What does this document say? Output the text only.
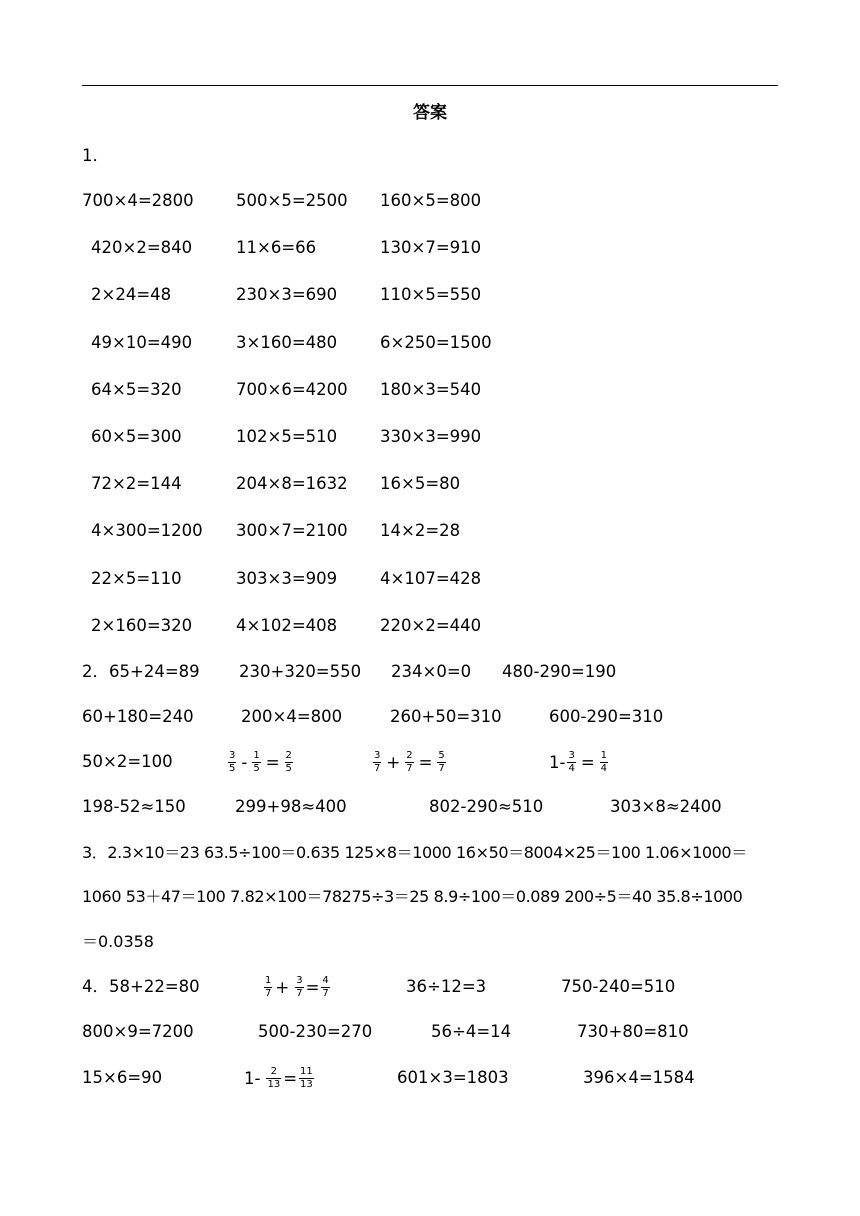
答案
1．
700×4=2800	500×5=2500 160×5=800
420×2=840	11×6=66	130×7=910
2×24=48	230×3=690	110×5=550
49×10=490	3×160=480	6×250=1500
64×5=320	700×6=4200 180×3=540
60×5=300	102×5=510	330×3=990
72×2=144	204×8=1632 16×5=80
4×300=1200 300×7=2100 14×2=28
22×5=110	303×3=909	4×107=428
2×160=320	4×102=408	220×2=440
2．65+24=89 230+320=550 234×0=0 480-290=190
60+180=240	200×4=800	260+50=310	600-290=310
50×2=100	$\frac{3}{5} - \frac{1}{5} = \frac{2}{5}$	$\frac{3}{7} + \frac{2}{7} = \frac{5}{7}$	$1- \frac{3}{4} = \frac{1}{4}$
198-52≈150	299+98≈400	802-290≈510	303×8≈2400
3．2.3×10＝23 63.5÷100＝0.635 125×8＝1000 16×50＝8004×25＝100 1.06×1000＝
1060 53＋47＝100 7.82×100＝78275÷3＝25 8.9÷100＝0.089 200÷5＝40 35.8÷1000
＝0.0358
4．58+22=80	$\frac{1}{7} + \frac{3}{7} = \frac{4}{7}$	36÷12=3	750-240=510
800×9=7200	500-230=270	56÷4=14	730+80=810
15×6=90	$1- \frac{2}{13} = \frac{11}{13}$	601×3=1803	396×4=1584
